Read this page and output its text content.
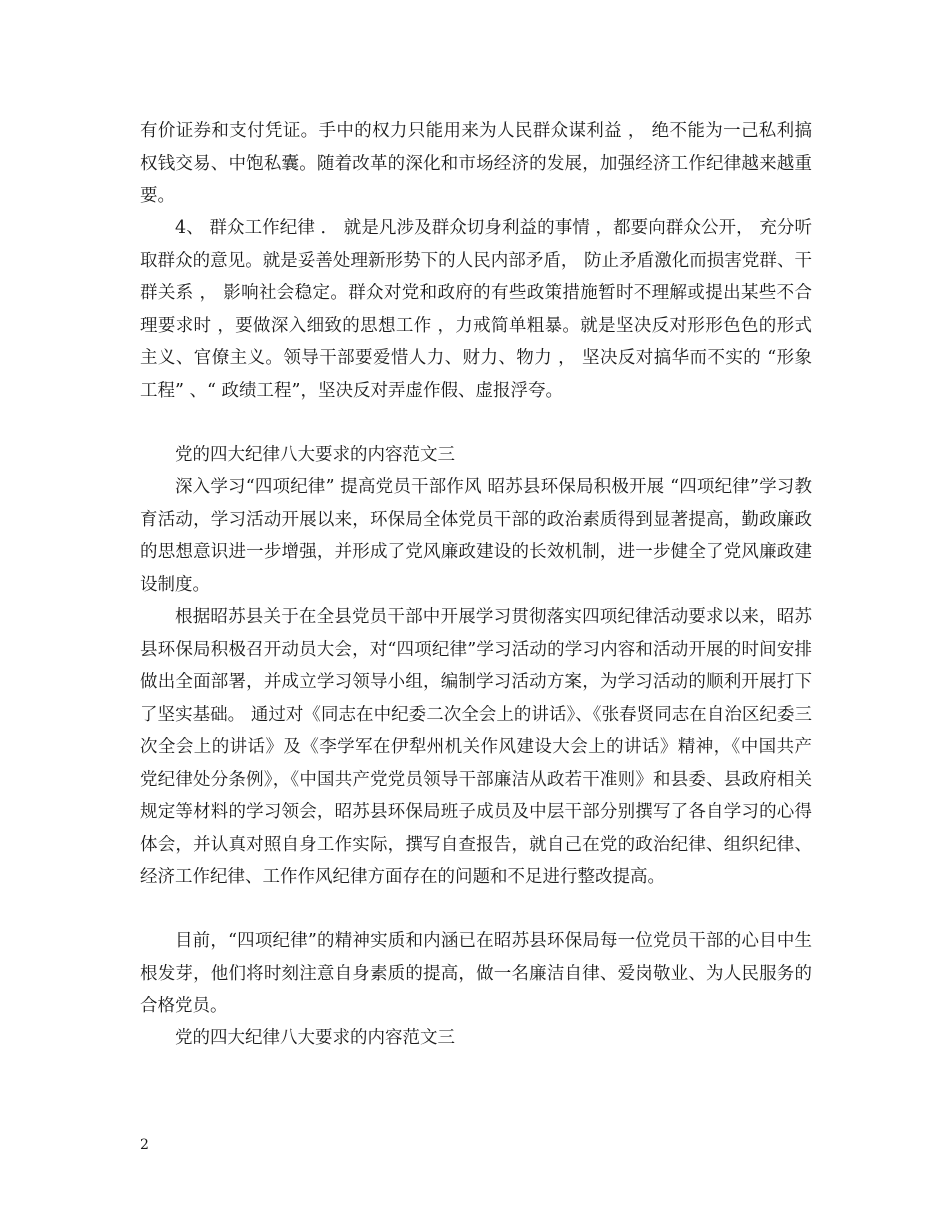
有价证券和支付凭证。手中的权力只能用来为人民群众谋利益 ， 绝不能为一己私利搞权钱交易、中饱私囊。随着改革的深化和市场经济的发展，加强经济工作纪律越来越重要。

4、 群众工作纪律 ． 就是凡涉及群众切身利益的事情 ，都要向群众公开， 充分听取群众的意见。就是妥善处理新形势下的人民内部矛盾， 防止矛盾激化而损害党群、干群关系 ， 影响社会稳定。群众对党和政府的有些政策措施暂时不理解或提出某些不合理要求时 ，要做深入细致的思想工作 ，力戒简单粗暴。就是坚决反对形形色色的形式主义、官僚主义。领导干部要爱惜人力、财力、物力 ， 坚决反对搞华而不实的 “形象工程” 、“ 政绩工程”，坚决反对弄虚作假、虚报浮夸。

党的四大纪律八大要求的内容范文三

深入学习“四项纪律” 提高党员干部作风 昭苏县环保局积极开展 “四项纪律”学习教育活动，学习活动开展以来，环保局全体党员干部的政治素质得到显著提高，勤政廉政的思想意识进一步增强，并形成了党风廉政建设的长效机制，进一步健全了党风廉政建设制度。

根据昭苏县关于在全县党员干部中开展学习贯彻落实四项纪律活动要求以来，昭苏县环保局积极召开动员大会，对“四项纪律”学习活动的学习内容和活动开展的时间安排做出全面部署，并成立学习领导小组，编制学习活动方案，为学习活动的顺利开展打下了坚实基础。 通过对《同志在中纪委二次全会上的讲话》、《张春贤同志在自治区纪委三次全会上的讲话》及《李学军在伊犁州机关作风建设大会上的讲话》精神，《中国共产党纪律处分条例》，《中国共产党党员领导干部廉洁从政若干准则》和县委、县政府相关规定等材料的学习领会，昭苏县环保局班子成员及中层干部分别撰写了各自学习的心得体会，并认真对照自身工作实际，撰写自查报告，就自己在党的政治纪律、组织纪律、经济工作纪律、工作作风纪律方面存在的问题和不足进行整改提高。

目前，“四项纪律”的精神实质和内涵已在昭苏县环保局每一位党员干部的心目中生根发芽，他们将时刻注意自身素质的提高，做一名廉洁自律、爱岗敬业、为人民服务的合格党员。

党的四大纪律八大要求的内容范文三

2
